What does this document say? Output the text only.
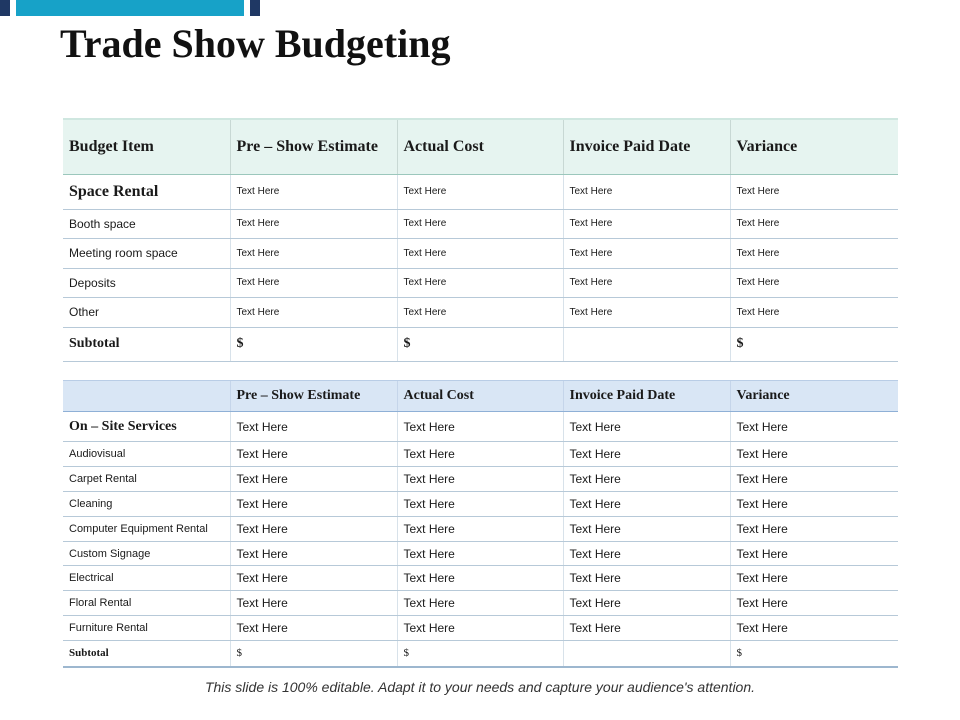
Trade Show Budgeting
Budget Item	Pre – Show Estimate	Actual Cost	Invoice Paid Date	Variance
Space Rental	Text Here	Text Here	Text Here	Text Here
Booth space	Text Here	Text Here	Text Here	Text Here
Meeting room space	Text Here	Text Here	Text Here	Text Here
Deposits	Text Here	Text Here	Text Here	Text Here
Other	Text Here	Text Here	Text Here	Text Here
Subtotal	$	$		$
	Pre – Show Estimate	Actual Cost	Invoice Paid Date	Variance
On – Site Services	Text Here	Text Here	Text Here	Text Here
Audiovisual	Text Here	Text Here	Text Here	Text Here
Carpet Rental	Text Here	Text Here	Text Here	Text Here
Cleaning	Text Here	Text Here	Text Here	Text Here
Computer Equipment Rental	Text Here	Text Here	Text Here	Text Here
Custom Signage	Text Here	Text Here	Text Here	Text Here
Electrical	Text Here	Text Here	Text Here	Text Here
Floral Rental	Text Here	Text Here	Text Here	Text Here
Furniture Rental	Text Here	Text Here	Text Here	Text Here
Subtotal	$	$		$

This slide is 100% editable. Adapt it to your needs and capture your audience's attention.
